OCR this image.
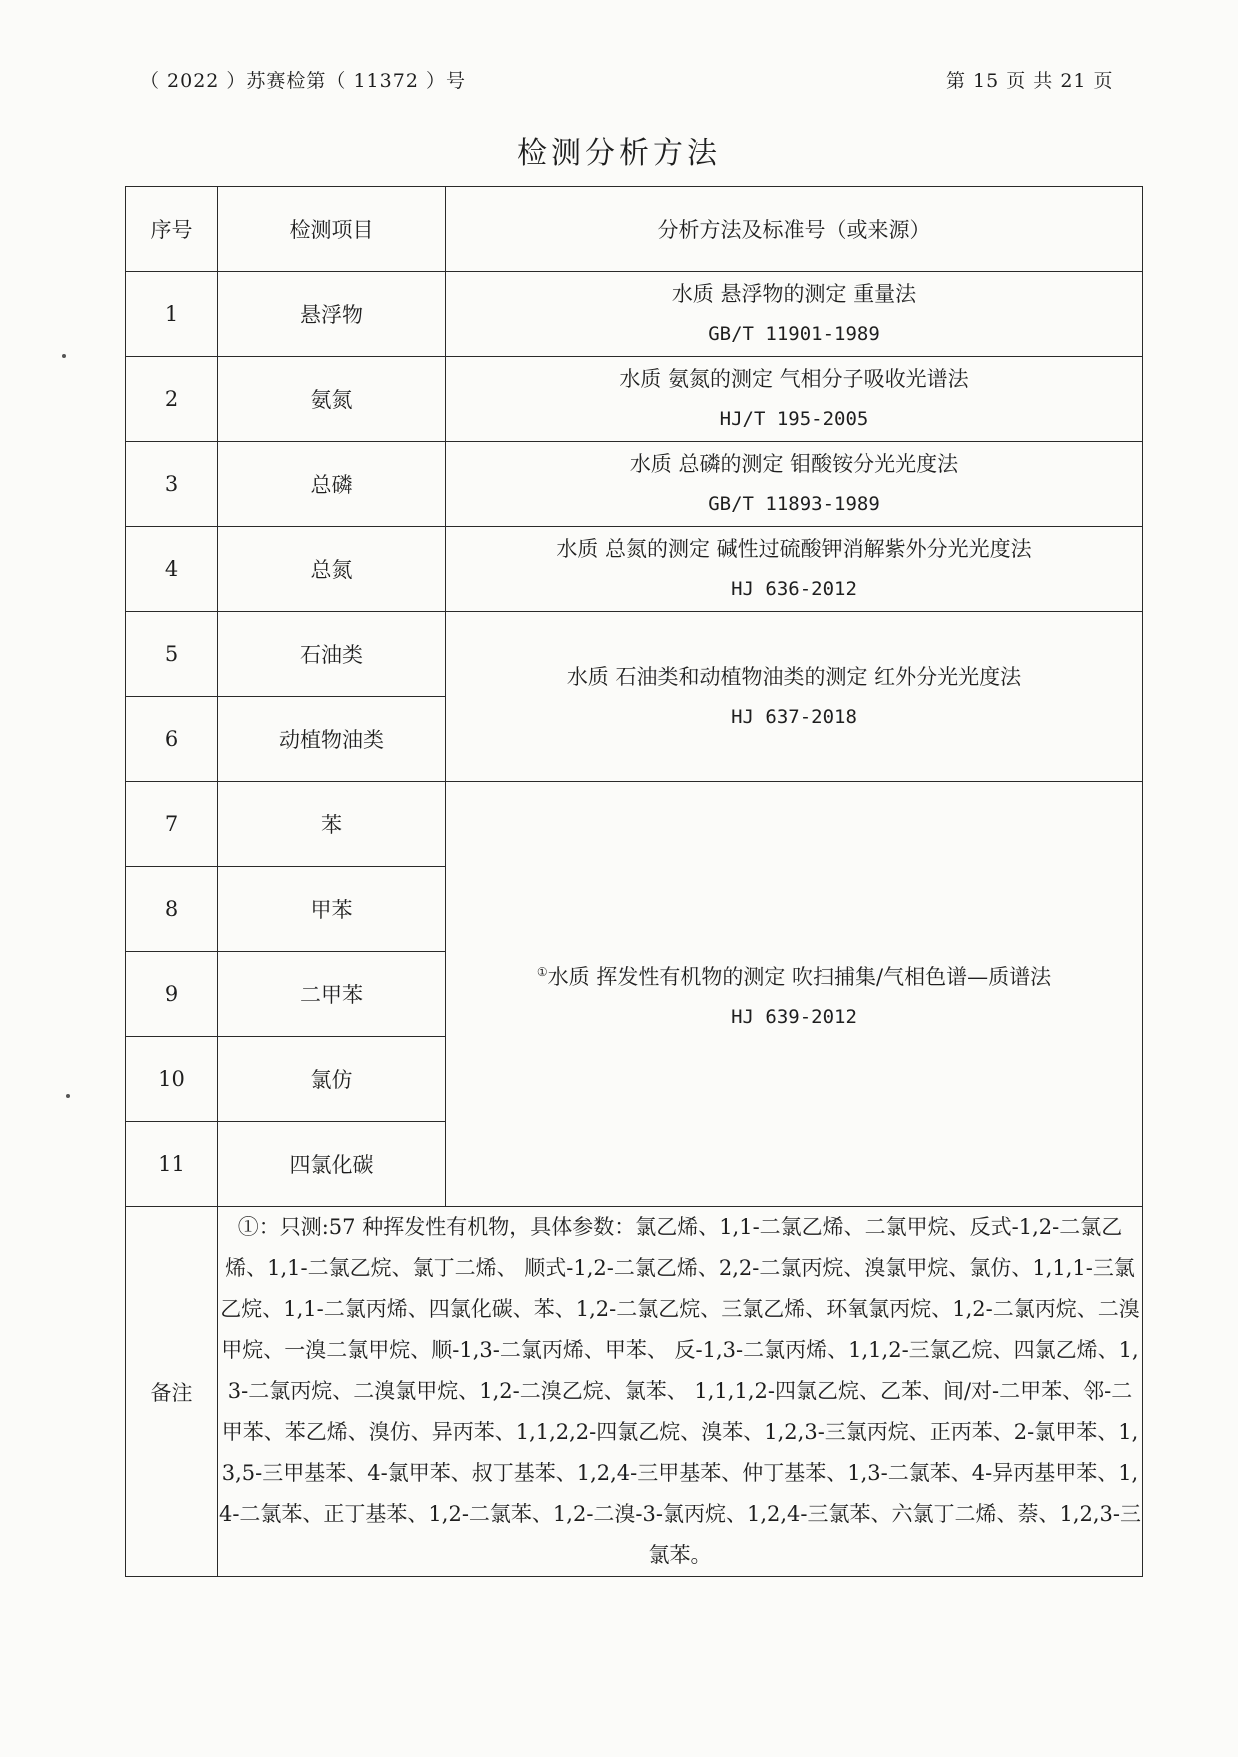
（ 2022 ）苏赛检第（ 11372 ）号	第 15 页 共 21 页
检测分析方法
序号	检测项目	分析方法及标准号（或来源）
1	悬浮物	水质 悬浮物的测定 重量法
GB/T 11901-1989

2	氨氮	水质 氨氮的测定 气相分子吸收光谱法
HJ/T 195-2005

3	总磷	水质 总磷的测定 钼酸铵分光光度法
GB/T 11893-1989

4	总氮	水质 总氮的测定 碱性过硫酸钾消解紫外分光光度法
HJ 636-2012

5	石油类	水质 石油类和动植物油类的测定 红外分光光度法
HJ 637-2018

6	动植物油类	
7	苯	①水质 挥发性有机物的测定 吹扫捕集/气相色谱—质谱法
HJ 639-2012

8	甲苯	
9	二甲苯	
10	氯仿	
11	四氯化碳	
备注	①：只测:57 种挥发性有机物，具体参数：氯乙烯、1,1-二氯乙烯、二氯甲烷、反式-1,2-二氯乙烯、1,1-二氯乙烷、氯丁二烯、 顺式-1,2-二氯乙烯、2,2-二氯丙烷、溴氯甲烷、氯仿、1,1,1-三氯乙烷、1,1-二氯丙烯、四氯化碳、苯、1,2-二氯乙烷、三氯乙烯、环氧氯丙烷、1,2-二氯丙烷、二溴甲烷、一溴二氯甲烷、顺-1,3-二氯丙烯、甲苯、 反-1,3-二氯丙烯、1,1,2-三氯乙烷、四氯乙烯、1,3-二氯丙烷、二溴氯甲烷、1,2-二溴乙烷、氯苯、 1,1,1,2-四氯乙烷、乙苯、间/对-二甲苯、邻-二甲苯、苯乙烯、溴仿、异丙苯、1,1,2,2-四氯乙烷、溴苯、1,2,3-三氯丙烷、正丙苯、2-氯甲苯、1,3,5-三甲基苯、4-氯甲苯、叔丁基苯、1,2,4-三甲基苯、仲丁基苯、1,3-二氯苯、4-异丙基甲苯、1,4-二氯苯、正丁基苯、1,2-二氯苯、1,2-二溴-3-氯丙烷、1,2,4-三氯苯、六氯丁二烯、萘、1,2,3-三氯苯。	
